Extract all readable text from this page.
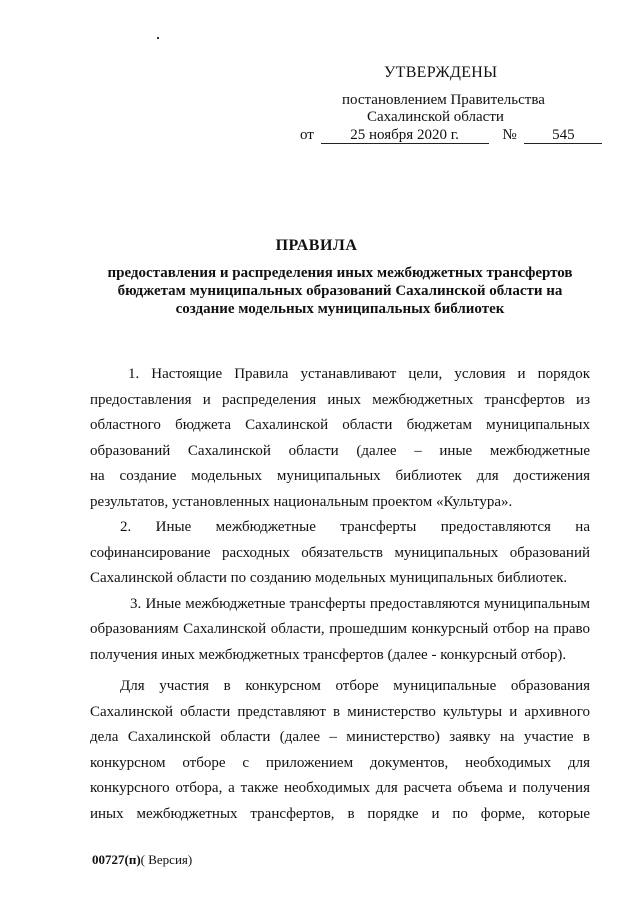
УТВЕРЖДЕНЫ
постановлением Правительства
Сахалинской области
от 25 ноября 2020 г.	№ 545
ПРАВИЛА
предоставления и распределения иных межбюджетных трансфертов
бюджетам муниципальных образований Сахалинской области на
создание модельных муниципальных библиотек
1. Настоящие Правила устанавливают цели, условия и порядок
предоставления и распределения иных межбюджетных трансфертов из
областного бюджета Сахалинской области бюджетам муниципальных
образований Сахалинской области (далее – иные межбюджетные
на создание модельных муниципальных библиотек для достижения
результатов, установленных национальным проектом «Культура».
2. Иные межбюджетные трансферты предоставляются на
софинансирование расходных обязательств муниципальных образований
Сахалинской области по созданию модельных муниципальных библиотек.
3. Иные межбюджетные трансферты предоставляются муниципальным
образованиям Сахалинской области, прошедшим конкурсный отбор на право
получения иных межбюджетных трансфертов (далее - конкурсный отбор).
Для участия в конкурсном отборе муниципальные образования
Сахалинской области представляют в министерство культуры и архивного
дела Сахалинской области (далее – министерство) заявку на участие в
конкурсном отборе с приложением документов, необходимых для
конкурсного отбора, а также необходимых для расчета объема и получения
иных межбюджетных трансфертов, в порядке и по форме, которые
00727(п)( Версия)
